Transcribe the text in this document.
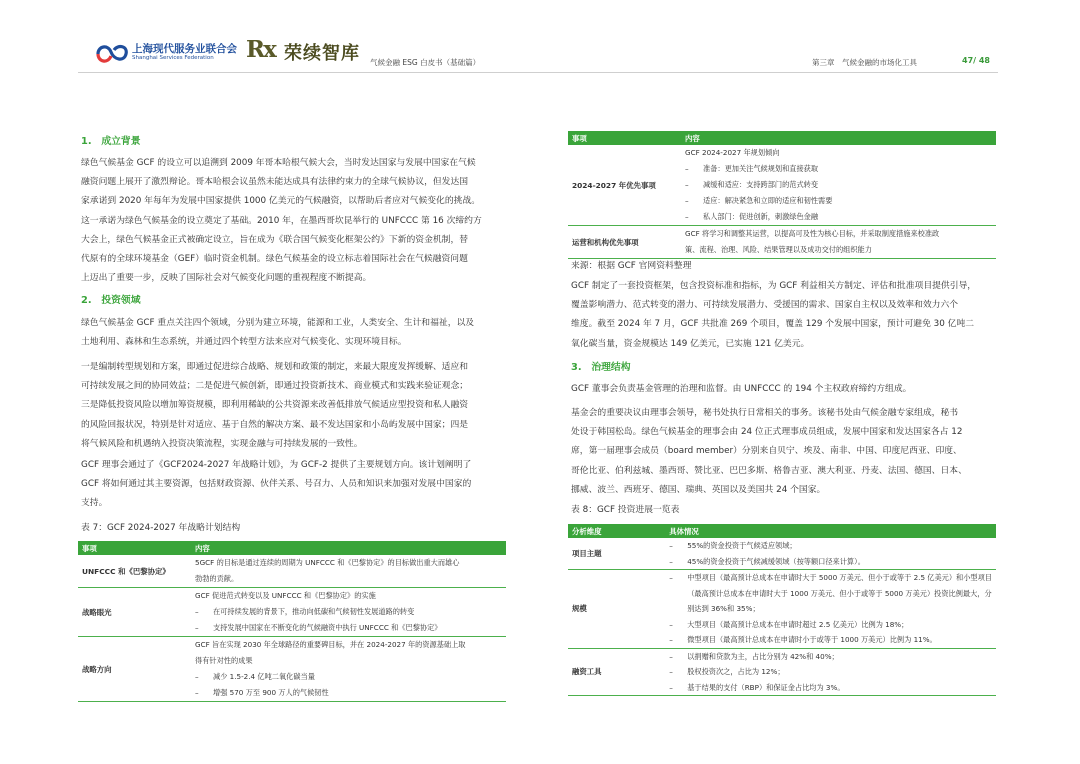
上海现代服务业联合会
Shanghai Services Federation Rx 荣续智库 气候金融 ESG 白皮书（基础篇）	第三章　气候金融的市场化工具	47/ 48
1.　成立背景
绿色气候基金 GCF 的设立可以追溯到 2009 年哥本哈根气候大会，当时发达国家与发展中国家在气候
融资问题上展开了激烈辩论。哥本哈根会议虽然未能达成具有法律约束力的全球气候协议，但发达国
家承诺到 2020 年每年为发展中国家提供 1000 亿美元的气候融资，以帮助后者应对气候变化的挑战。
这一承诺为绿色气候基金的设立奠定了基础。2010 年，在墨西哥坎昆举行的 UNFCCC 第 16 次缔约方
大会上，绿色气候基金正式被确定设立，旨在成为《联合国气候变化框架公约》下新的资金机制，替
代原有的全球环境基金（GEF）临时资金机制。绿色气候基金的设立标志着国际社会在气候融资问题
上迈出了重要一步，反映了国际社会对气候变化问题的重视程度不断提高。
2.　投资领域
绿色气候基金 GCF 重点关注四个领域，分别为建立环境，能源和工业，人类安全、生计和福祉，以及
土地利用、森林和生态系统，并通过四个转型方法来应对气候变化、实现环境目标。
一是编制转型规划和方案，即通过促进综合战略、规划和政策的制定，来最大限度发挥缓解、适应和
可持续发展之间的协同效益；二是促进气候创新，即通过投资新技术、商业模式和实践来验证观念；
三是降低投资风险以增加筹资规模，即利用稀缺的公共资源来改善低排放气候适应型投资和私人融资
的风险回报状况，特别是针对适应、基于自然的解决方案、最不发达国家和小岛屿发展中国家；四是
将气候风险和机遇纳入投资决策流程，实现金融与可持续发展的一致性。
GCF 理事会通过了《GCF2024-2027 年战略计划》，为 GCF-2 提供了主要规划方向。该计划阐明了
GCF 将如何通过其主要资源，包括财政资源、伙伴关系、号召力、人员和知识来加强对发展中国家的
支持。
表 7：GCF 2024-2027 年战略计划结构
事项	内容
UNFCCC 和《巴黎协定》	5GCF 的目标是通过连续的周期为 UNFCCC 和《巴黎协定》的目标做出重大而雄心
勃勃的贡献。

战略眼光	GCF 促进范式转变以及 UNFCCC 和《巴黎协定》的实施
– 在可持续发展的背景下，推动向低碳和气候韧性发展道路的转变
– 支持发展中国家在不断变化的气候融资中执行 UNFCCC 和《巴黎协定》

战略方向	GCF 旨在实现 2030 年全球路径的重要碑目标，并在 2024-2027 年的资源基础上取
得有针对性的成果
– 减少 1.5-2.4 亿吨二氧化碳当量
– 增强 570 万至 900 万人的气候韧性
事项	内容
2024-2027 年优先事项	GCF 2024-2027 年规划倾向
– 准备：更加关注气候规划和直接获取
– 减缓和适应：支持跨部门的范式转变
– 适应：解决紧急和立即的适应和韧性需要
– 私人部门：促进创新，刺激绿色金融

运营和机构优先事项	GCF 将学习和调整其运营，以提高可及性为核心目标，并采取制度措施来校准政
策、流程、治理、风险、结果管理以及成功交付的组织能力
来源：根据 GCF 官网资料整理
GCF 制定了一套投资框架，包含投资标准和指标，为 GCF 利益相关方制定、评估和批准项目提供引导，
覆盖影响潜力、范式转变的潜力、可持续发展潜力、受援国的需求、国家自主权以及效率和效力六个
维度。截至 2024 年 7 月，GCF 共批准 269 个项目，覆盖 129 个发展中国家，预计可避免 30 亿吨二
氧化碳当量，资金规模达 149 亿美元，已实施 121 亿美元。
3.　治理结构
GCF 董事会负责基金管理的治理和监督。由 UNFCCC 的 194 个主权政府缔约方组成。
基金会的重要决议由理事会领导，秘书处执行日常相关的事务。该秘书处由气候金融专家组成，秘书
处设于韩国松岛。绿色气候基金的理事会由 24 位正式理事成员组成，发展中国家和发达国家各占 12
席，第一届理事会成员（board member）分别来自贝宁、埃及、南非、中国、印度尼西亚、印度、
哥伦比亚、伯利兹城、墨西哥、赞比亚、巴巴多斯、格鲁吉亚、澳大利亚、丹麦、法国、德国、日本、
挪威、波兰、西班牙、德国、瑞典、英国以及美国共 24 个国家。
表 8：GCF 投资进展一览表
分析维度	具体情况
项目主题	– 55%的资金投资于气候适应领域；
– 45%的资金投资于气候减缓领域（按等额口径来计算）。

规模	– 中型项目（最高预计总成本在申请时大于 5000 万美元、但小于或等于 2.5 亿美元）和小型项目
（最高预计总成本在申请时大于 1000 万美元、但小于或等于 5000 万美元）投资比例最大，分
别达到 36%和 35%；
– 大型项目（最高预计总成本在申请时超过 2.5 亿美元）比例为 18%；
– 微型项目（最高预计总成本在申请时小于或等于 1000 万美元）比例为 11%。

融资工具	– 以捐赠和贷款为主，占比分别为 42%和 40%；
– 股权投资次之，占比为 12%；
– 基于结果的支付（RBP）和保证金占比均为 3%。
